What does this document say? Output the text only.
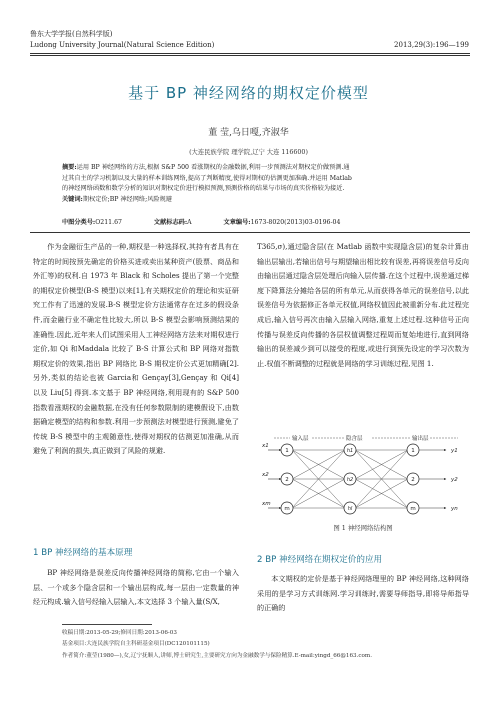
鲁东大学学报(自然科学版)
Ludong University Journal(Natural Science Edition)	2013,29(3):196—199
基于 BP 神经网络的期权定价模型
董 莹,乌日嘎,齐淑华
(大连民族学院 理学院,辽宁 大连 116600)
摘要:运用 BP 神经网络的方法,根据 S&P 500 看涨期权的金融数据,利用一步预测法对期权定价做预测.通
过其自主的学习机制以及大量的样本训练网络,提高了判断精度,使得对期权的估测更加准确.并运用 Matlab
的神经网络函数和数学分析的知识对期权定价进行模拟预测,预测价格的结果与市场的真实价格较为接近.
关键词:期权定价;BP 神经网络;风险规避
中图分类号:O211.67	文献标志码:A	文章编号:1673-8020(2013)03-0196-04

作为金融衍生产品的一种,期权是一种选择权,其持有者具有在特定的时间按预先确定的价格买进或卖出某种资产(股票、商品和外汇等)的权利.自 1973 年 Black 和 Scholes 提出了第一个完整的期权定价模型(B-S 模型)以来[1],有关期权定价的理论和实证研究工作有了迅速的发展.B-S 模型定价方法通常存在过多的假设条件,而金融行业不确定性比较大,所以 B-S 模型会影响预测结果的准确性.因此,近年来人们试图采用人工神经网络方法来对期权进行定价,如 Qi 和Maddala 比较了 B-S 计算公式和 BP 网络对指数期权定价的效果,指出 BP 网络比 B-S 期权定价公式更加精确[2].另外,类似的结论也被 Garcia和 Gençay[3],Gençay 和 Qi[4] 以及 Liu[5] 得到.本文基于 BP 神经网络,利用现有的 S&P 500 指数看涨期权的金融数据,在没有任何参数限制的建模假设下,由数据确定模型的结构和参数.利用一步预测法对模型进行预测,避免了传统 B-S 模型中的主观随意性,使得对期权的估测更加准确,从而避免了利润的损失,真正做到了风险的规避.

1 BP 神经网络的基本原理

BP 神经网络是误差反向传播神经网络的简称,它由一个输入层、一个或多个隐含层和一个输出层构成,每一层由一定数量的神经元构成.输入信号经输入层输入,本文选择 3 个输入量(S/X,

T365,σ),通过隐含层(在 Matlab 函数中实现隐含层)的复杂计算由输出层输出,若输出信号与期望输出相比较有误差,再将误差信号反向由输出层通过隐含层处理后向输入层传播.在这个过程中,误差通过梯度下降算法分摊给各层的所有单元,从而获得各单元的误差信号,以此误差信号为依据修正各单元权值,网络权值因此被重新分布.此过程完成后,输入信号再次由输入层输入网络,重复上述过程.这种信号正向传播与误差反向传播的各层权值调整过程周而复始地进行,直到网络输出的误差减少到可以接受的程度,或进行到预先设定的学习次数为止.权值不断调整的过程就是网络的学习训练过程,见图 1.

输入层	隐含层	输出层
x1
x2
xm
1
2
m
h1
h2
hl
1
2
m
y1
y2
yn
图 1 神经网络结构图
2 BP 神经网络在期权定价的应用

本文期权的定价是基于神经网络理里的 BP 神经网络,这种网络采用的是学习方式训练网.学习训练时,需要导师指导,即将导师指导的正确的

收稿日期:2013-05-29;修回日期:2013-06-03
基金项目:大连民族学院自主科研基金项目(DC120101115)
作者简介:董莹(1980—),女,辽宁抚顺人,讲师,博士研究生,主要研究方向为金融数学与保险精算.E-mail:yingd_66@163.com.
